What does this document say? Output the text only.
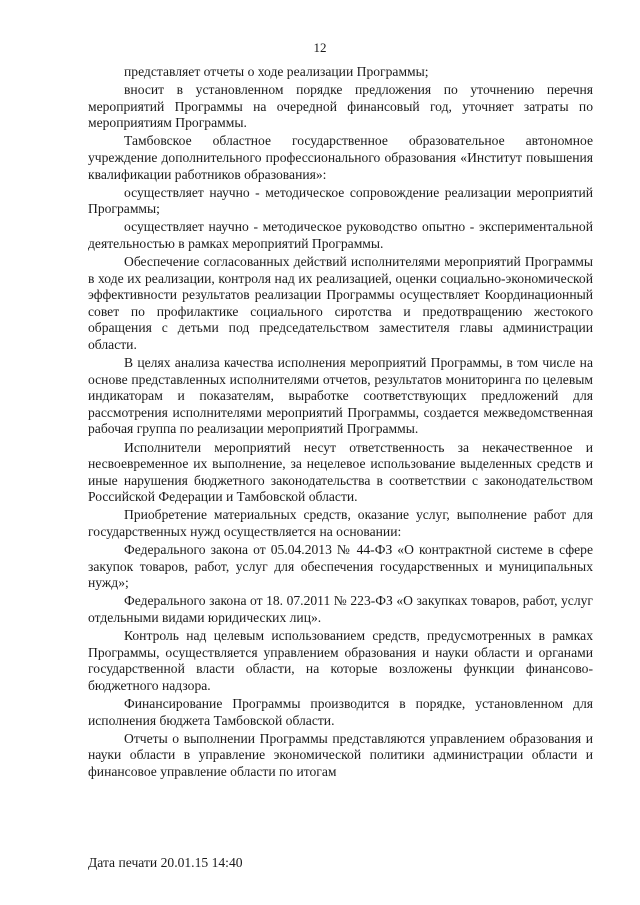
12

представляет отчеты о ходе реализации Программы;

вносит в установленном порядке предложения по уточнению перечня мероприятий Программы на очередной финансовый год, уточняет затраты по мероприятиям Программы.

Тамбовское областное государственное образовательное автономное учреждение дополнительного профессионального образования «Институт повышения квалификации работников образования»:

осуществляет научно - методическое сопровождение реализации мероприятий Программы;

осуществляет научно - методическое руководство опытно - экспериментальной деятельностью в рамках мероприятий Программы.

Обеспечение согласованных действий исполнителями мероприятий Программы в ходе их реализации, контроля над их реализацией, оценки социально-экономической эффективности результатов реализации Программы осуществляет Координационный совет по профилактике социального сиротства и предотвращению жестокого обращения с детьми под председательством заместителя главы администрации области.

В целях анализа качества исполнения мероприятий Программы, в том числе на основе представленных исполнителями отчетов, результатов мониторинга по целевым индикаторам и показателям, выработке соответствующих предложений для рассмотрения исполнителями мероприятий Программы, создается межведомственная рабочая группа по реализации мероприятий Программы.

Исполнители мероприятий несут ответственность за некачественное и несвоевременное их выполнение, за нецелевое использование выделенных средств и иные нарушения бюджетного законодательства в соответствии с законодательством Российской Федерации и Тамбовской области.

Приобретение материальных средств, оказание услуг, выполнение работ для государственных нужд осуществляется на основании:

Федерального закона от 05.04.2013 № 44-ФЗ «О контрактной системе в сфере закупок товаров, работ, услуг для обеспечения государственных и муниципальных нужд»;

Федерального закона от 18. 07.2011 № 223-ФЗ «О закупках товаров, работ, услуг отдельными видами юридических лиц».

Контроль над целевым использованием средств, предусмотренных в рамках Программы, осуществляется управлением образования и науки области и органами государственной власти области, на которые возложены функции финансово-бюджетного надзора.

Финансирование Программы производится в порядке, установленном для исполнения бюджета Тамбовской области.

Отчеты о выполнении Программы представляются управлением образования и науки области в управление экономической политики администрации области и финансовое управление области по итогам

Дата печати 20.01.15 14:40
